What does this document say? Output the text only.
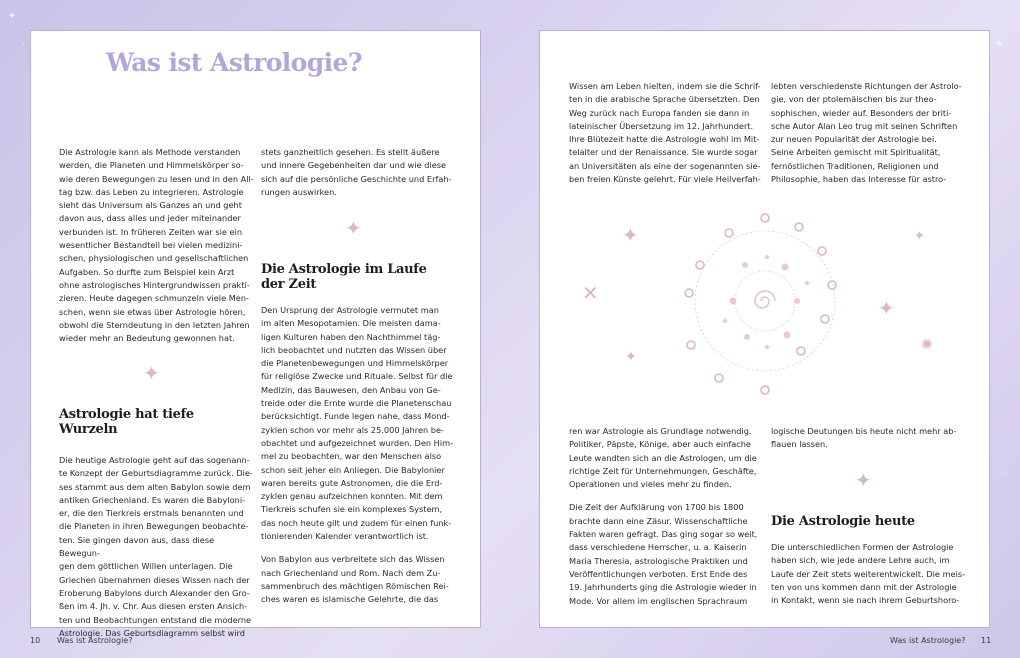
✦
·	✦
·
·
·
Was ist Astrologie?

Die Astrologie kann als Methode verstanden
werden, die Planeten und Himmelskörper so-
wie deren Bewegungen zu lesen und in den All-
tag bzw. das Leben zu integrieren. Astrologie
sieht das Universum als Ganzes an und geht
davon aus, dass alles und jeder miteinander
verbunden ist. In früheren Zeiten war sie ein
wesentlicher Bestandteil bei vielen medizini-
schen, physiologischen und gesellschaftlichen
Aufgaben. So durfte zum Beispiel kein Arzt
ohne astrologisches Hintergrundwissen prakti-
zieren. Heute dagegen schmunzeln viele Men-
schen, wenn sie etwas über Astrologie hören,
obwohl die Sterndeutung in den letzten Jahren
wieder mehr an Bedeutung gewonnen hat.

✦
Astrologie hat tiefe Wurzeln

Die heutige Astrologie geht auf das sogenann-
te Konzept der Geburtsdiagramme zurück. Die-
ses stammt aus dem alten Babylon sowie dem
antiken Griechenland. Es waren die Babyloni-
er, die den Tierkreis erstmals benannten und
die Planeten in ihren Bewegungen beobachte-
ten. Sie gingen davon aus, dass diese Bewegun-
gen dem göttlichen Willen unterlagen. Die
Griechen übernahmen dieses Wissen nach der
Eroberung Babylons durch Alexander den Gro-
ßen im 4. Jh. v. Chr. Aus diesen ersten Ansich-
ten und Beobachtungen entstand die moderne
Astrologie. Das Geburtsdiagramm selbst wird

stets ganzheitlich gesehen. Es stellt äußere
und innere Gegebenheiten dar und wie diese
sich auf die persönliche Geschichte und Erfah-
rungen auswirken.

✦
Die Astrologie im Laufe
der Zeit

Den Ursprung der Astrologie vermutet man
im alten Mesopotamien. Die meisten dama-
ligen Kulturen haben den Nachthimmel täg-
lich beobachtet und nutzten das Wissen über
die Planetenbewegungen und Himmelskörper
für religiöse Zwecke und Rituale. Selbst für die
Medizin, das Bauwesen, den Anbau von Ge-
treide oder die Ernte wurde die Planetenschau
berücksichtigt. Funde legen nahe, dass Mond-
zyklen schon vor mehr als 25.000 Jahren be-
obachtet und aufgezeichnet wurden. Den Him-
mel zu beobachten, war den Menschen also
schon seit jeher ein Anliegen. Die Babylonier
waren bereits gute Astronomen, die die Erd-
zyklen genau aufzeichnen konnten. Mit dem
Tierkreis schufen sie ein komplexes System,
das noch heute gilt und zudem für einen funk-
tionierenden Kalender verantwortlich ist.

Von Babylon aus verbreitete sich das Wissen
nach Griechenland und Rom. Nach dem Zu-
sammenbruch des mächtigen Römischen Rei-
ches waren es islamische Gelehrte, die das

Wissen am Leben hielten, indem sie die Schrif-
ten in die arabische Sprache übersetzten. Den
Weg zurück nach Europa fanden sie dann in
lateinischer Übersetzung im 12. Jahrhundert.
Ihre Blütezeit hatte die Astrologie wohl im Mit-
telalter und der Renaissance. Sie wurde sogar
an Universitäten als eine der sogenannten sie-
ben freien Künste gelehrt. Für viele Heilverfah-

lebten verschiedenste Richtungen der Astrolo-
gie, von der ptolemäischen bis zur theo-
sophischen, wieder auf. Besonders der briti-
sche Autor Alan Leo trug mit seinen Schriften
zur neuen Popularität der Astrologie bei.
Seine Arbeiten gemischt mit Spiritualität,
fernöstlichen Traditionen, Religionen und
Philosophie, haben das Interesse für astro-

✦
✕
✦
✦
✦
✺

ren war Astrologie als Grundlage notwendig.
Politiker, Päpste, Könige, aber auch einfache
Leute wandten sich an die Astrologen, um die
richtige Zeit für Unternehmungen, Geschäfte,
Operationen und vieles mehr zu finden.

Die Zeit der Aufklärung von 1700 bis 1800
brachte dann eine Zäsur. Wissenschaftliche
Fakten waren gefragt. Das ging sogar so weit,
dass verschiedene Herrscher, u. a. Kaiserin
Maria Theresia, astrologische Praktiken und
Veröffentlichungen verboten. Erst Ende des
19. Jahrhunderts ging die Astrologie wieder in
Mode. Vor allem im englischen Sprachraum

logische Deutungen bis heute nicht mehr ab-
flauen lassen.

✦
Die Astrologie heute

Die unterschiedlichen Formen der Astrologie
haben sich, wie jede andere Lehre auch, im
Laufe der Zeit stets weiterentwickelt. Die meis-
ten von uns kommen dann mit der Astrologie
in Kontakt, wenn sie nach ihrem Geburtshoro-

10 Was ist Astrologie?	Was ist Astrologie? 11
